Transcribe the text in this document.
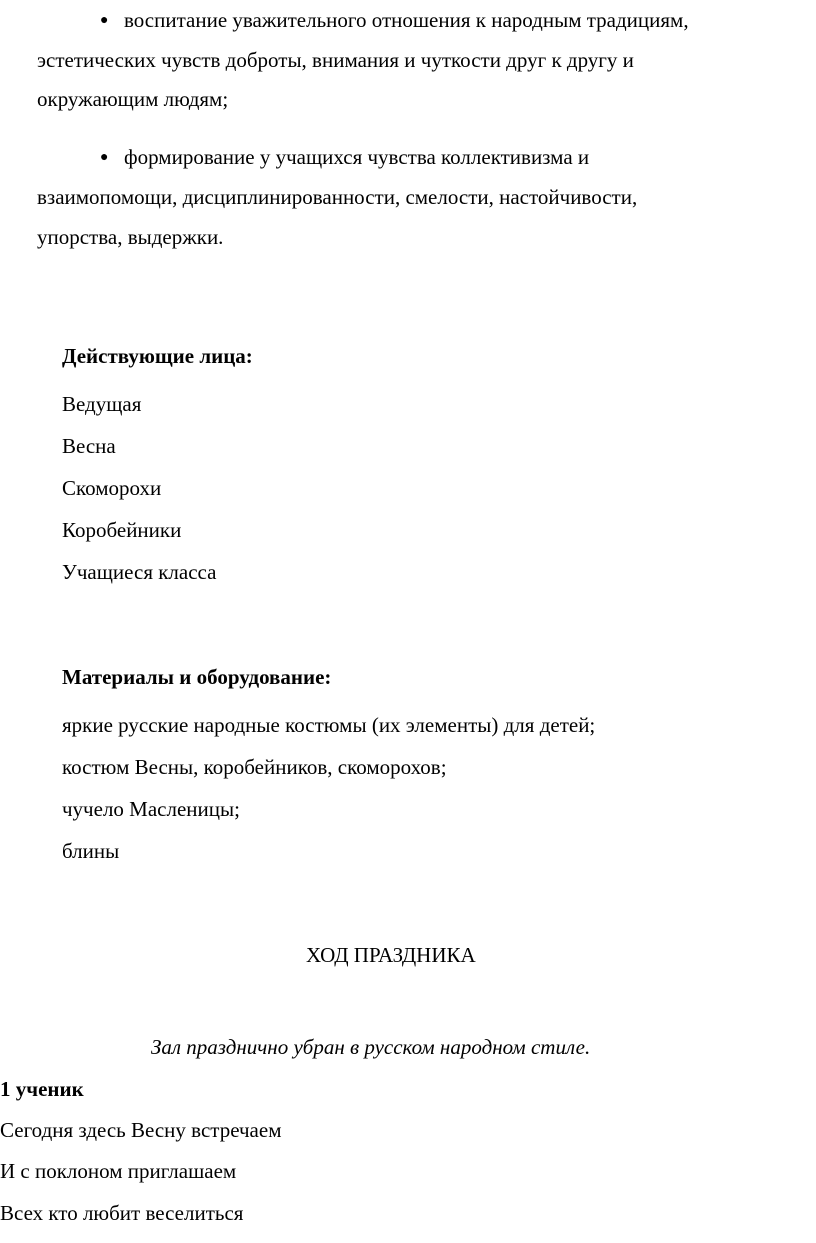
● воспитание уважительного отношения к народным традициям,
эстетических чувств доброты, внимания и чуткости друг к другу и
окружающим людям;
● формирование у учащихся чувства коллективизма и
взаимопомощи, дисциплинированности, смелости, настойчивости,
упорства, выдержки.
Действующие лица:
Ведущая
Весна
Скоморохи
Коробейники
Учащиеся класса
Материалы и оборудование:
яркие русские народные костюмы (их элементы) для детей;
костюм Весны, коробейников, скоморохов;
чучело Масленицы;
блины
ХОД ПРАЗДНИКА
Зал празднично убран в русском народном стиле.
1 ученик
Сегодня здесь Весну встречаем
И с поклоном приглашаем
Всех кто любит веселиться
